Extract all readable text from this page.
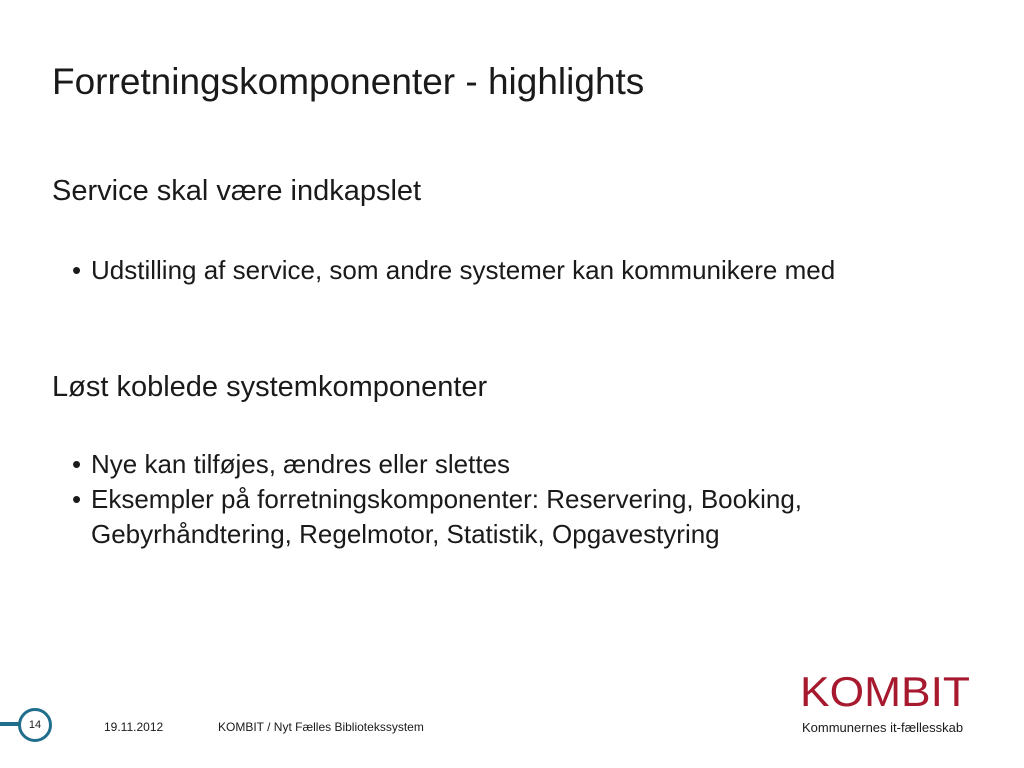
Forretningskomponenter - highlights
Service skal være indkapslet
• Udstilling af service, som andre systemer kan kommunikere med
Løst koblede systemkomponenter
• Nye kan tilføjes, ændres eller slettes
• Eksempler på forretningskomponenter: Reservering, Booking, Gebyrhåndtering, Regelmotor, Statistik, Opgavestyring
14	19.11.2012	KOMBIT / Nyt Fælles Bibliotekssystem
KOMBIT
Kommunernes it-fællesskab
